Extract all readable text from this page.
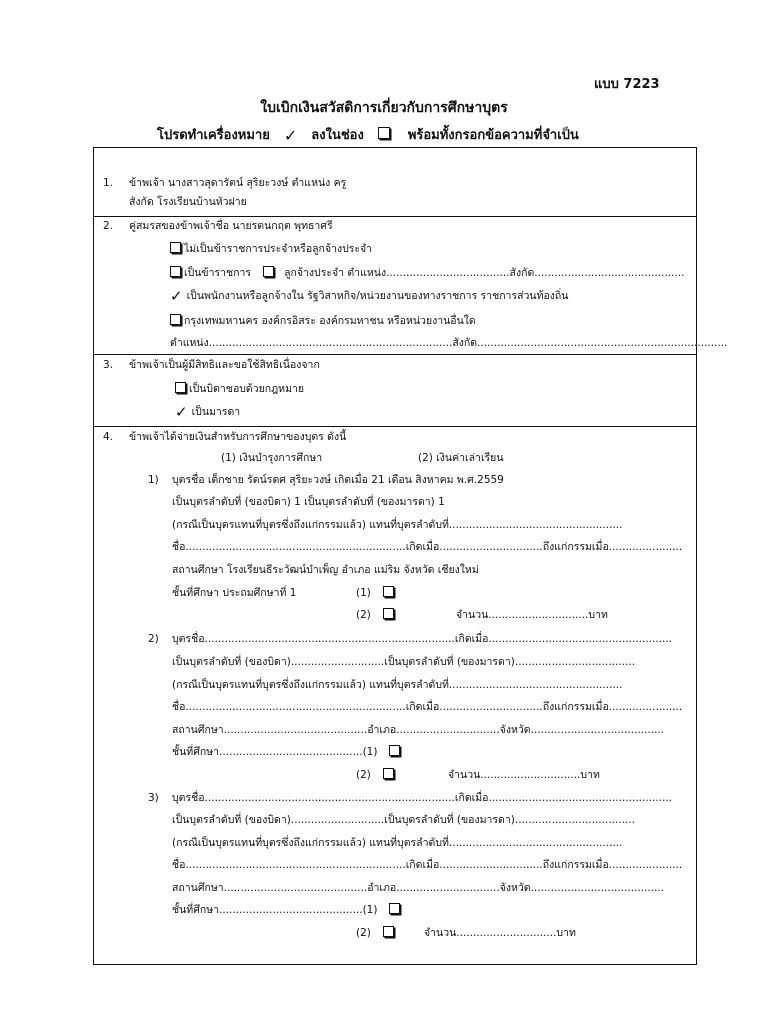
แบบ 7223
ใบเบิกเงินสวัสดิการเกี่ยวกับการศึกษาบุตร
โปรดทำเครื่องหมาย ✓ ลงในช่อง	พร้อมทั้งกรอกข้อความที่จำเป็น
1. ข้าพเจ้า นางสาวสุดารัตน์ สุริยะวงษ์ ตำแหน่ง ครู
สังกัด โรงเรียนบ้านหัวฝาย
2. คู่สมรสของข้าพเจ้าชื่อ นายรตนกฤต พุทธาศรี
ไม่เป็นข้าราชการประจำหรือลูกจ้างประจำ
เป็นข้าราชการ	ลูกจ้างประจำ ตำแหน่ง.....................................สังกัด.............................................
✓ เป็นพนักงานหรือลูกจ้างใน รัฐวิสาหกิจ/หน่วยงานของทางราชการ ราชการส่วนท้องถิ่น
กรุงเทพมหานคร องค์กรอิสระ องค์กรมหาชน หรือหน่วยงานอื่นใด
ตำแหน่ง.........................................................................สังกัด...........................................................................
3. ข้าพเจ้าเป็นผู้มีสิทธิและขอใช้สิทธิเนื่องจาก
เป็นบิดาชอบด้วยกฎหมาย
✓ เป็นมารดา
4. ข้าพเจ้าได้จ่ายเงินสำหรับการศึกษาของบุตร ดังนี้
(1) เงินบำรุงการศึกษา	(2) เงินค่าเล่าเรียน
1) บุตรชื่อ เด็กชาย รัดน์รดศ สุริยะวงษ์ เกิดเมื่อ 21 เดือน สิงหาคม พ.ศ.2559
เป็นบุตรลำดับที่ (ของบิดา) 1 เป็นบุตรลำดับที่ (ของมารดา) 1
(กรณีเป็นบุตรแทนที่บุตรซึ่งถึงแก่กรรมแล้ว) แทนที่บุตรลำดับที่....................................................
ชื่อ..................................................................เกิดเมื่อ...............................ถึงแก่กรรมเมื่อ......................
สถานศึกษา โรงเรียนธีระวัฒน์บำเพ็ญ อำเภอ แม่ริม จังหวัด เชียงใหม่
ชั้นที่ศึกษา ประถมศึกษาที่ 1	(1)
(2)	จำนวน..............................บาท
2) บุตรชื่อ...........................................................................เกิดเมื่อ.......................................................
เป็นบุตรลำดับที่ (ของบิดา)............................เป็นบุตรลำดับที่ (ของมารดา)....................................
(กรณีเป็นบุตรแทนที่บุตรซึ่งถึงแก่กรรมแล้ว) แทนที่บุตรลำดับที่....................................................
ชื่อ..................................................................เกิดเมื่อ...............................ถึงแก่กรรมเมื่อ......................
สถานศึกษา...........................................อำเภอ...............................จังหวัด........................................
ชั้นที่ศึกษา...........................................(1)
(2)	จำนวน..............................บาท
3) บุตรชื่อ...........................................................................เกิดเมื่อ.......................................................
เป็นบุตรลำดับที่ (ของบิดา)............................เป็นบุตรลำดับที่ (ของมารดา)....................................
(กรณีเป็นบุตรแทนที่บุตรซึ่งถึงแก่กรรมแล้ว) แทนที่บุตรลำดับที่....................................................
ชื่อ..................................................................เกิดเมื่อ...............................ถึงแก่กรรมเมื่อ......................
สถานศึกษา...........................................อำเภอ...............................จังหวัด........................................
ชั้นที่ศึกษา...........................................(1)
(2)	จำนวน..............................บาท
